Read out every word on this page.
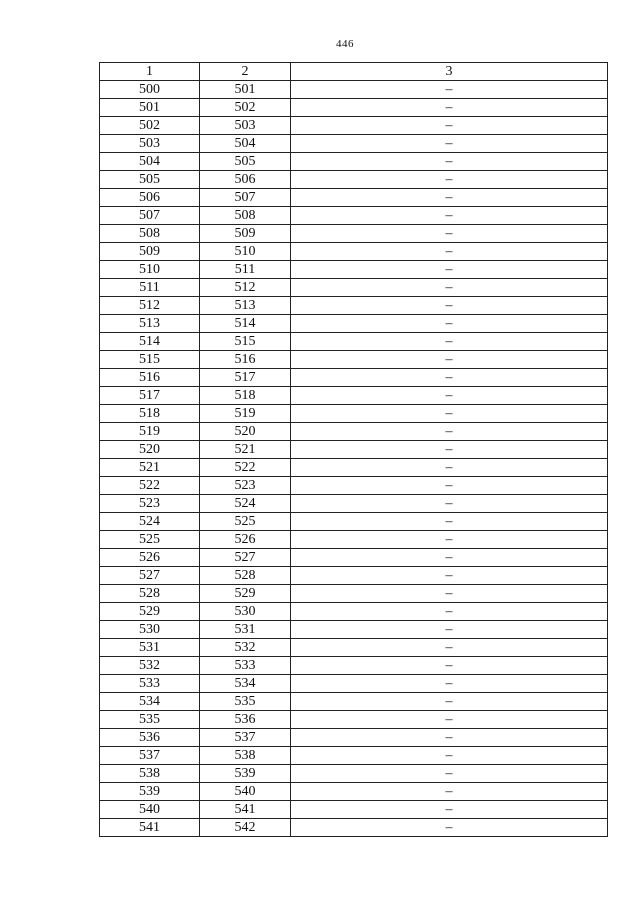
446
1	2	3
500	501	–
501	502	–
502	503	–
503	504	–
504	505	–
505	506	–
506	507	–
507	508	–
508	509	–
509	510	–
510	511	–
511	512	–
512	513	–
513	514	–
514	515	–
515	516	–
516	517	–
517	518	–
518	519	–
519	520	–
520	521	–
521	522	–
522	523	–
523	524	–
524	525	–
525	526	–
526	527	–
527	528	–
528	529	–
529	530	–
530	531	–
531	532	–
532	533	–
533	534	–
534	535	–
535	536	–
536	537	–
537	538	–
538	539	–
539	540	–
540	541	–
541	542	–
